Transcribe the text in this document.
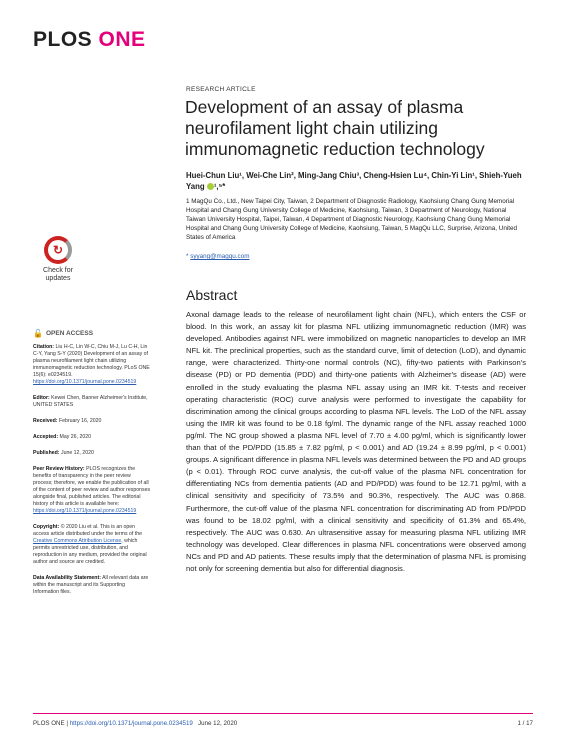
PLOS ONE
↻
Check for
updates
🔓 OPEN ACCESS

Citation: Liu H-C, Lin W-C, Chiu M-J, Lu C-H, Lin C-Y, Yang S-Y (2020) Development of an assay of plasma neurofilament light chain utilizing immunomagnetic reduction technology. PLoS ONE 15(6): e0234519. https://doi.org/10.1371/journal.pone.0234519

Editor: Kewei Chen, Banner Alzheimer's Institute, UNITED STATES

Received: February 16, 2020

Accepted: May 26, 2020

Published: June 12, 2020

Peer Review History: PLOS recognizes the benefits of transparency in the peer review process; therefore, we enable the publication of all of the content of peer review and author responses alongside final, published articles. The editorial history of this article is available here: https://doi.org/10.1371/journal.pone.0234519

Copyright: © 2020 Liu et al. This is an open access article distributed under the terms of the Creative Commons Attribution License, which permits unrestricted use, distribution, and reproduction in any medium, provided the original author and source are credited.

Data Availability Statement: All relevant data are within the manuscript and its Supporting Information files.

RESEARCH ARTICLE
Development of an assay of plasma neurofilament light chain utilizing immunomagnetic reduction technology
Huei-Chun Liu¹, Wei-Che Lin², Ming-Jang Chiu³, Cheng-Hsien Lu⁴, Chin-Yi Lin¹, Shieh-Yueh Yang ¹,⁵*
1 MagQu Co., Ltd., New Taipei City, Taiwan, 2 Department of Diagnostic Radiology, Kaohsiung Chang Gung Memorial Hospital and Chang Gung University College of Medicine, Kaohsiung, Taiwan, 3 Department of Neurology, National Taiwan University Hospital, Taipei, Taiwan, 4 Department of Diagnostic Neurology, Kaohsiung Chang Gung Memorial Hospital and Chang Gung University College of Medicine, Kaohsiung, Taiwan, 5 MagQu LLC, Surprise, Arizona, United States of America
* syyang@magqu.com
Abstract
Axonal damage leads to the release of neurofilament light chain (NFL), which enters the CSF or blood. In this work, an assay kit for plasma NFL utilizing immunomagnetic reduction (IMR) was developed. Antibodies against NFL were immobilized on magnetic nanoparticles to develop an IMR NFL kit. The preclinical properties, such as the standard curve, limit of detection (LoD), and dynamic range, were characterized. Thirty-one normal controls (NC), fifty-two patients with Parkinson's disease (PD) or PD dementia (PDD) and thirty-one patients with Alzheimer's disease (AD) were enrolled in the study evaluating the plasma NFL assay using an IMR kit. T-tests and receiver operating characteristic (ROC) curve analysis were performed to investigate the capability for discrimination among the clinical groups according to plasma NFL levels. The LoD of the NFL assay using the IMR kit was found to be 0.18 fg/ml. The dynamic range of the NFL assay reached 1000 pg/ml. The NC group showed a plasma NFL level of 7.70 ± 4.00 pg/ml, which is significantly lower than that of the PD/PDD (15.85 ± 7.82 pg/ml, p < 0.001) and AD (19.24 ± 8.99 pg/ml, p < 0.001) groups. A significant difference in plasma NFL levels was determined between the PD and AD groups (p < 0.01). Through ROC curve analysis, the cut-off value of the plasma NFL concentration for differentiating NCs from dementia patients (AD and PD/PDD) was found to be 12.71 pg/ml, with a clinical sensitivity and specificity of 73.5% and 90.3%, respectively. The AUC was 0.868. Furthermore, the cut-off value of the plasma NFL concentration for discriminating AD from PD/PDD was found to be 18.02 pg/ml, with a clinical sensitivity and specificity of 61.3% and 65.4%, respectively. The AUC was 0.630. An ultrasensitive assay for measuring plasma NFL utilizing IMR technology was developed. Clear differences in plasma NFL concentrations were observed among NCs and PD and AD patients. These results imply that the determination of plasma NFL is promising not only for screening dementia but also for differential diagnosis.
PLOS ONE | https://doi.org/10.1371/journal.pone.0234519 June 12, 2020	1 / 17
